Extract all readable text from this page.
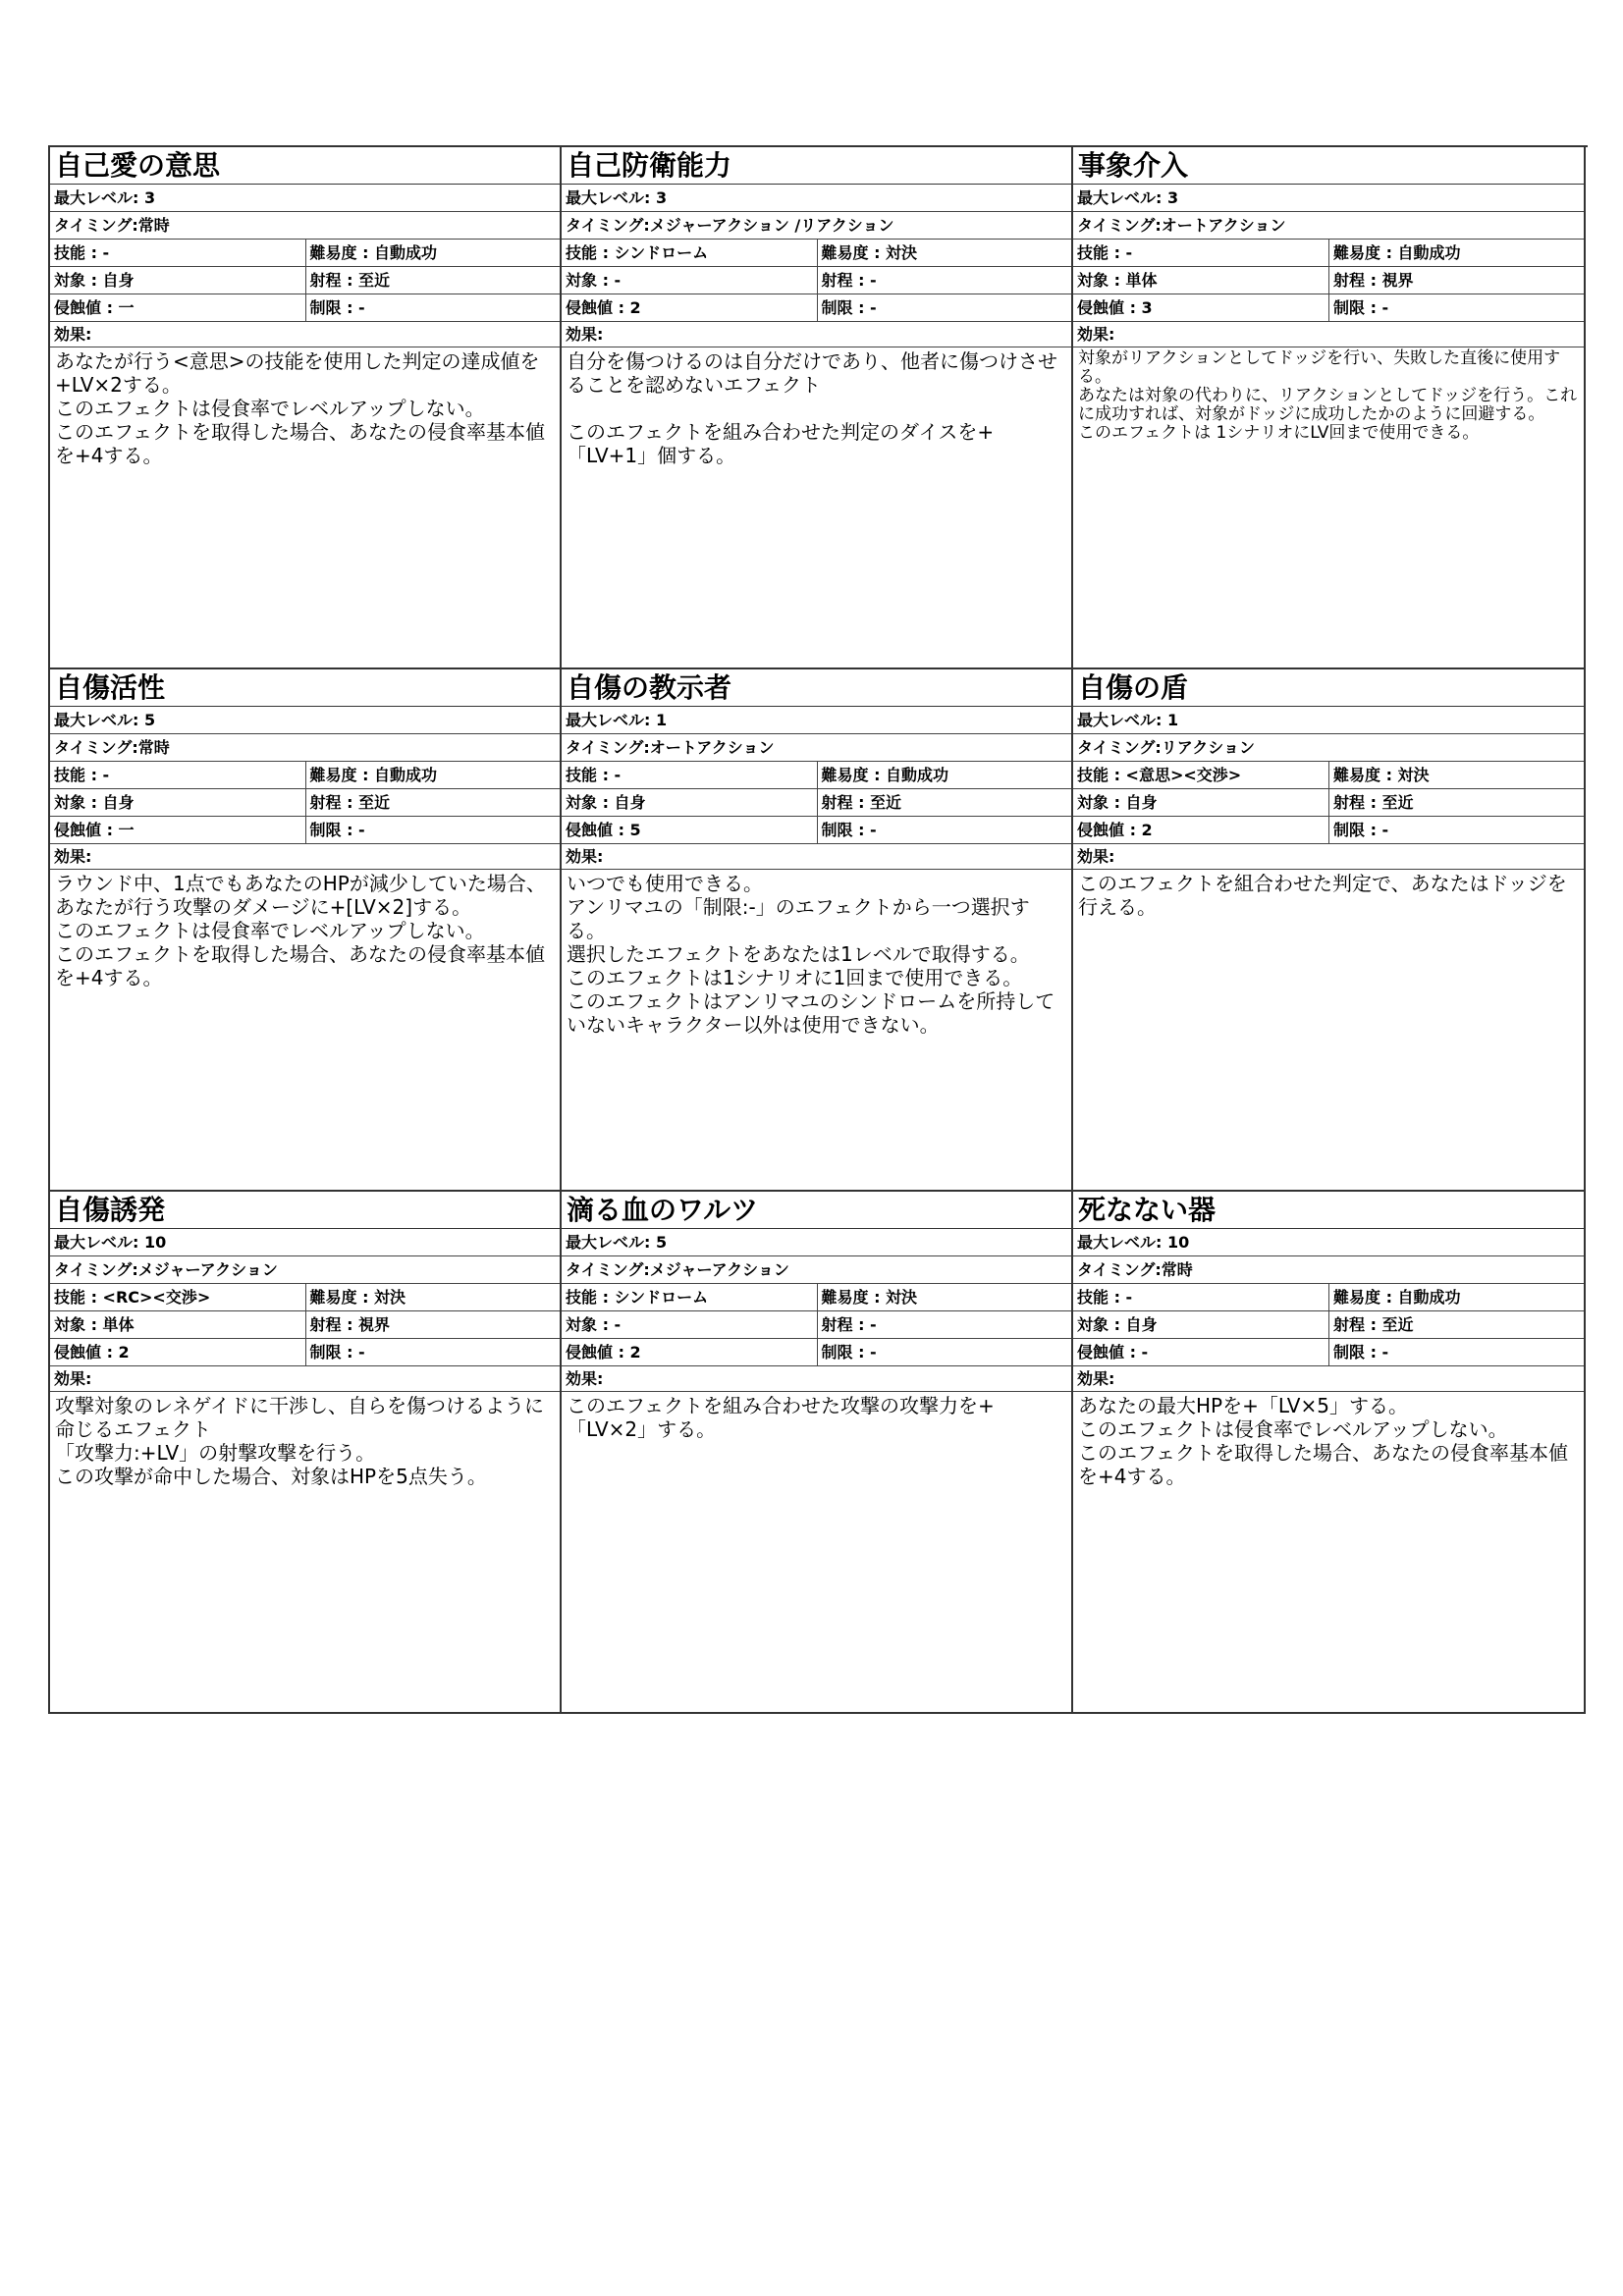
自己愛の意思
最大レベル: 3
タイミング:常時
技能 : -	難易度 : 自動成功
対象 : 自身	射程 : 至近
侵蝕値 : 一	制限 : -
効果:
あなたが行う<意思>の技能を使用した判定の達成値を+LV×2する。
このエフェクトは侵食率でレベルアップしない。
このエフェクトを取得した場合、あなたの侵食率基本値を+4する。
自己防衛能力
最大レベル: 3
タイミング:メジャーアクション /リアクション
技能 : シンドローム	難易度 : 対決
対象 : -	射程 : -
侵蝕値 : 2	制限 : -
効果:
自分を傷つけるのは自分だけであり、他者に傷つけさせることを認めないエフェクト

このエフェクトを組み合わせた判定のダイスを+「LV+1」個する。
事象介入
最大レベル: 3
タイミング:オートアクション
技能 : -	難易度 : 自動成功
対象 : 単体	射程 : 視界
侵蝕値 : 3	制限 : -
効果:
対象がリアクションとしてドッジを行い、失敗した直後に使用する。
あなたは対象の代わりに、リアクションとしてドッジを行う。これに成功すれば、対象がドッジに成功したかのように回避する。
このエフェクトは 1シナリオにLV回まで使用できる。
自傷活性
最大レベル: 5
タイミング:常時
技能 : -	難易度 : 自動成功
対象 : 自身	射程 : 至近
侵蝕値 : 一	制限 : -
効果:
ラウンド中、1点でもあなたのHPが減少していた場合、あなたが行う攻撃のダメージに+[LV×2]する。
このエフェクトは侵食率でレベルアップしない。
このエフェクトを取得した場合、あなたの侵食率基本値を+4する。
自傷の教示者
最大レベル: 1
タイミング:オートアクション
技能 : -	難易度 : 自動成功
対象 : 自身	射程 : 至近
侵蝕値 : 5	制限 : -
効果:
いつでも使用できる。
アンリマユの「制限:-」のエフェクトから一つ選択する。
選択したエフェクトをあなたは1レベルで取得する。
このエフェクトは1シナリオに1回まで使用できる。
このエフェクトはアンリマユのシンドロームを所持していないキャラクター以外は使用できない。
自傷の盾
最大レベル: 1
タイミング:リアクション
技能 : <意思><交渉>	難易度 : 対決
対象 : 自身	射程 : 至近
侵蝕値 : 2	制限 : -
効果:
このエフェクトを組合わせた判定で、あなたはドッジを行える。
自傷誘発
最大レベル: 10
タイミング:メジャーアクション
技能 : <RC><交渉>	難易度 : 対決
対象 : 単体	射程 : 視界
侵蝕値 : 2	制限 : -
効果:
攻撃対象のレネゲイドに干渉し、自らを傷つけるように命じるエフェクト
「攻撃力:+LV」の射撃攻撃を行う。
この攻撃が命中した場合、対象はHPを5点失う。
滴る血のワルツ
最大レベル: 5
タイミング:メジャーアクション
技能 : シンドローム	難易度 : 対決
対象 : -	射程 : -
侵蝕値 : 2	制限 : -
効果:
このエフェクトを組み合わせた攻撃の攻撃力を+「LV×2」する。
死なない器
最大レベル: 10
タイミング:常時
技能 : -	難易度 : 自動成功
対象 : 自身	射程 : 至近
侵蝕値 : -	制限 : -
効果:
あなたの最大HPを+「LV×5」する。
このエフェクトは侵食率でレベルアップしない。
このエフェクトを取得した場合、あなたの侵食率基本値を+4する。
